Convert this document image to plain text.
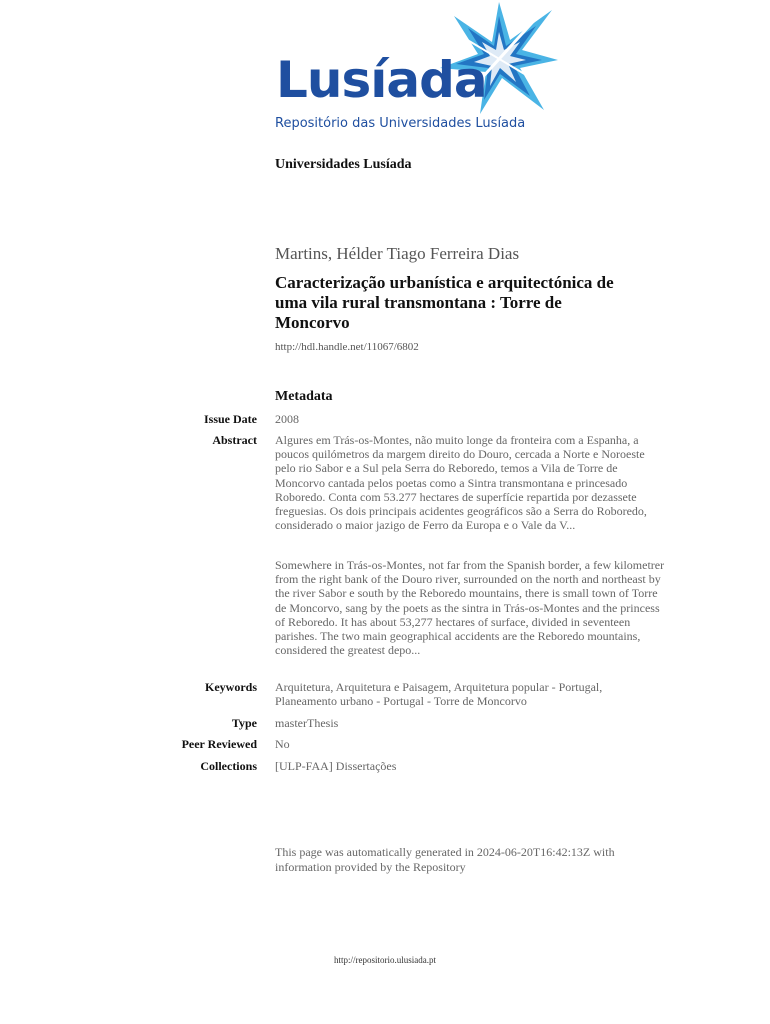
Lusíada
Repositório das Universidades Lusíada
Universidades Lusíada
Martins, Hélder Tiago Ferreira Dias
Caracterização urbanística e arquitectónica de uma vila rural transmontana : Torre de Moncorvo
http://hdl.handle.net/11067/6802
Metadata
Issue Date 2008
Abstract Algures em Trás-os-Montes, não muito longe da fronteira com a Espanha, a poucos quilómetros da margem direito do Douro, cercada a Norte e Noroeste pelo rio Sabor e a Sul pela Serra do Reboredo, temos a Vila de Torre de Moncorvo cantada pelos poetas como a Sintra transmontana e princesado Roboredo. Conta com 53.277 hectares de superfície repartida por dezassete freguesias. Os dois principais acidentes geográficos são a Serra do Roboredo, considerado o maior jazigo de Ferro da Europa e o Vale da V...
Somewhere in Trás-os-Montes, not far from the Spanish border, a few kilometrer from the right bank of the Douro river, surrounded on the north and northeast by the river Sabor e south by the Reboredo mountains, there is small town of Torre de Moncorvo, sang by the poets as the sintra in Trás-os-Montes and the princess of Reboredo. It has about 53,277 hectares of surface, divided in seventeen parishes. The two main geographical accidents are the Reboredo mountains, considered the greatest depo...
Keywords Arquitetura, Arquitetura e Paisagem, Arquitetura popular - Portugal, Planeamento urbano - Portugal - Torre de Moncorvo
Type masterThesis
Peer Reviewed No
Collections [ULP-FAA] Dissertações
This page was automatically generated in 2024-06-20T16:42:13Z with information provided by the Repository
http://repositorio.ulusiada.pt
